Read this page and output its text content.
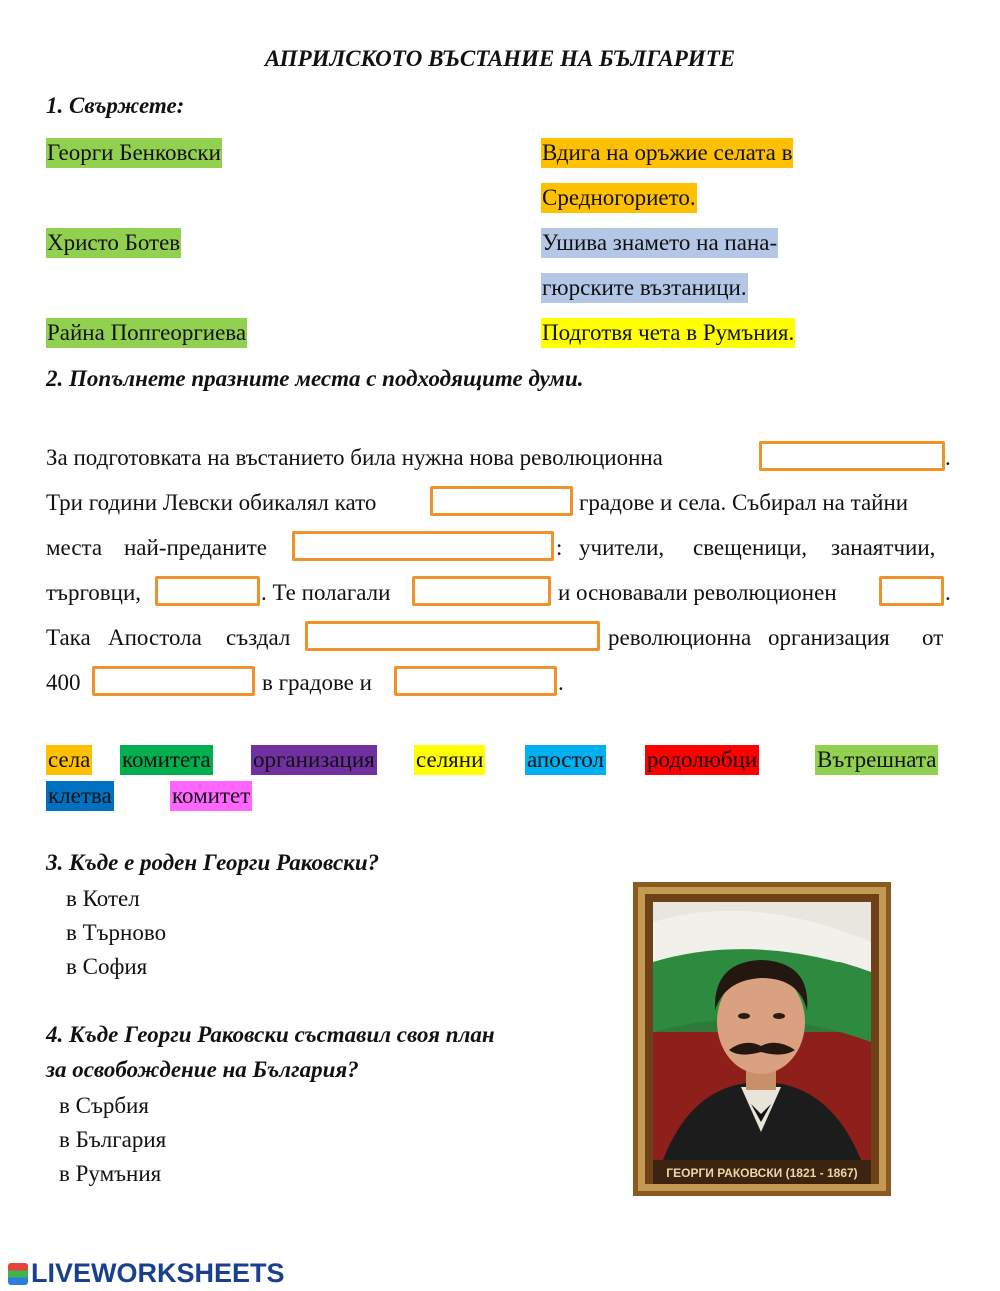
АПРИЛСКОТО ВЪСТАНИЕ НА БЪЛГАРИТЕ
1. Свържете:
Георги Бенковски
Христо Ботев
Райна Попгеоргиева
Вдига на оръжие селата в
Средногорието.
Ушива знамето на пана-
гюрските възтаници.
Подготвя чета в Румъния.
2. Попълнете празните места с подходящите думи.
За подготовката на въстанието била нужна нова революционна	.
Три години Левски обикалял като	градове и села. Събирал на тайни
места най-преданите	: учители, свещеници, занаятчии,
търговци,	. Те полагали	и основавали революционен	.
Така Апостола създал	революционна организация от
400	в градове и	.
села комитета организация селяни апостол родолюбци	Вътрешната
клетва	комитет
3. Къде е роден Георги Раковски?
в Котел
в Търново
в София
4. Къде Георги Раковски съставил своя план
за освобождение на България?
в Сърбия
в България
в Румъния	ГЕОРГИ РАКОВСКИ (1821 - 1867)
LIVEWORKSHEETS
